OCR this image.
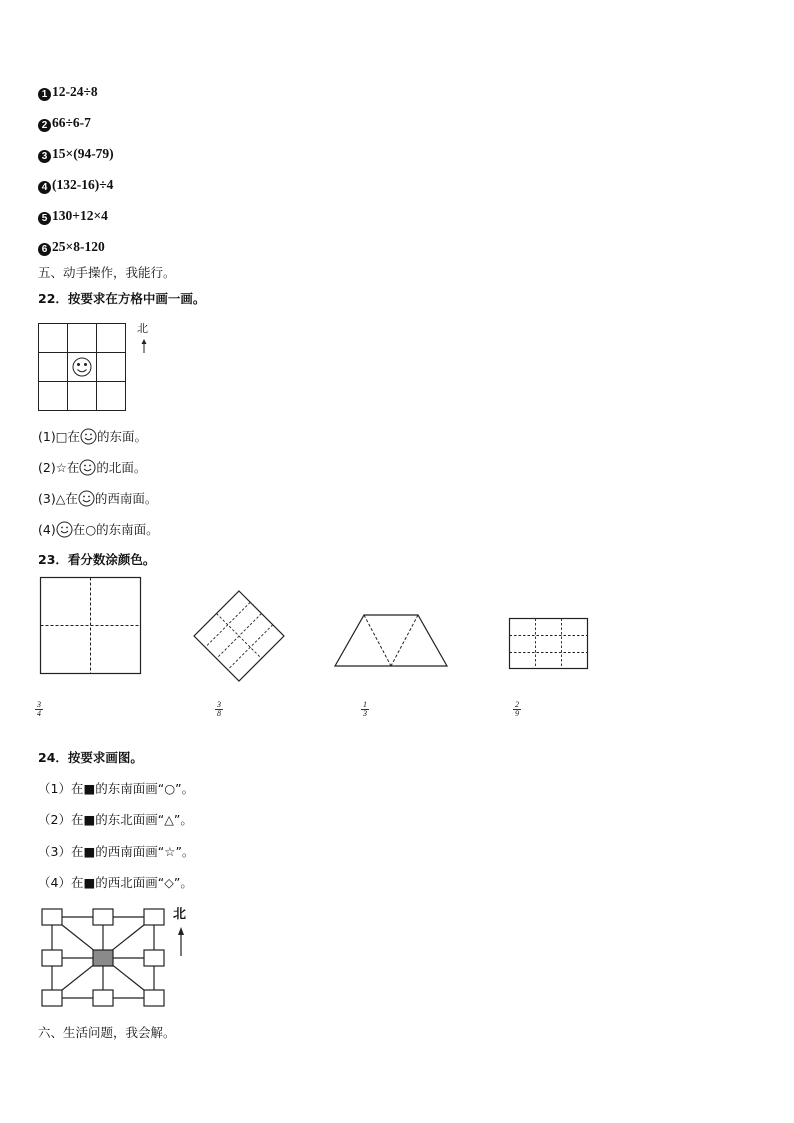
1 12-24÷8
2 66÷6-7
3 15×(94-79)
4 (132-16)÷4
5 130+12×4
6 25×8-120
五、动手操作，我能行。
22．按要求在方格中画一画。
北
(1)□在 的东面。
(2)☆在 的北面。
(3)△在 的西南面。
(4) 在○的东南面。
23．看分数涂颜色。
$\frac{3}{4}$	$\frac{3}{8}$	$\frac{1}{3}$	$\frac{2}{9}$
24．按要求画图。
（1）在■的东南面画“○”。
（2）在■的东北面画“△”。
（3）在■的西南面画“☆”。
（4）在■的西北面画“◇”。
北
六、生活问题，我会解。
